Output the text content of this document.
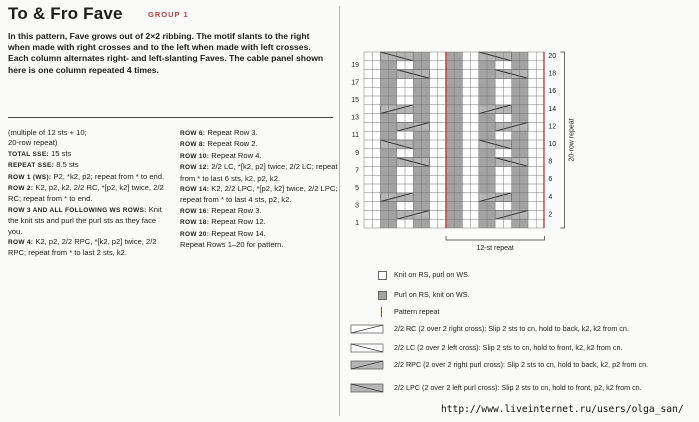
To & Fro Fave	GROUP 1
In this pattern, Fave grows out of 2×2 ribbing. The motif slants to the right when made with right crosses and to the left when made with left crosses. Each column alternates right- and left-slanting Faves. The cable panel shown here is one column repeated 4 times.

(multiple of 12 sts + 10;

20-row repeat)

TOTAL SSE: 15 sts

REPEAT SSE: 8.5 sts

ROW 1 (WS): P2, *k2, p2; repeat from * to end.

ROW 2: K2, p2, k2, 2/2 RC, *[p2, k2] twice, 2/2 RC; repeat from * to end.

ROW 3 AND ALL FOLLOWING WS ROWS: Knit the knit sts and purl the purl sts as they face you.

ROW 4: K2, p2, 2/2 RPC, *[k2, p2] twice, 2/2 RPC; repeat from * to last 2 sts, k2.

ROW 6: Repeat Row 3.

ROW 8: Repeat Row 2.

ROW 10: Repeat Row 4.

ROW 12: 2/2 LC, *[k2, p2] twice, 2/2 LC; repeat from * to last 6 sts, k2, p2, k2.

ROW 14: K2, 2/2 LPC, *[p2, k2] twice, 2/2 LPC; repeat from * to last 4 sts, p2, k2.

ROW 16: Repeat Row 3.

ROW 18: Repeat Row 12.

ROW 20: Repeat Row 14.

Repeat Rows 1–20 for pattern.

19
17
15
13
11
9
7
5
3
1
20
18
16
14
12
10
8
6
4
2
20-row repeat
12-st repeat
Knit on RS, purl on WS.
Purl on RS, knit on WS.
Pattern repeat
2/2 RC (2 over 2 right cross): Slip 2 sts to cn, hold to back, k2, k2 from cn.
2/2 LC (2 over 2 left cross): Slip 2 sts to cn, hold to front, k2, k2 from cn.
2/2 RPC (2 over 2 right purl cross): Slip 2 sts to cn, hold to back, k2, p2 from cn.
2/2 LPC (2 over 2 left purl cross): Slip 2 sts to cn, hold to front, p2, k2 from cn.
http://www.liveinternet.ru/users/olga_san/
